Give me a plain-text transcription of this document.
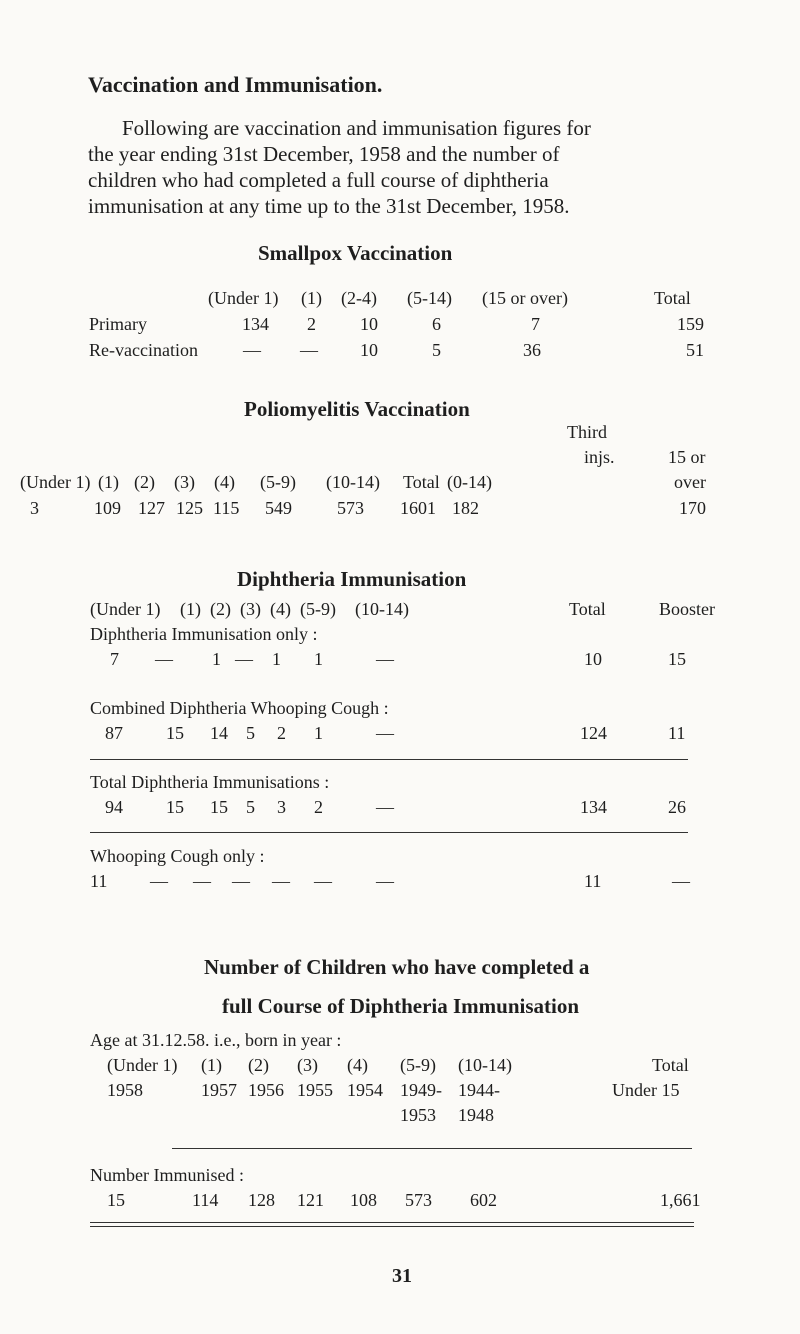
Vaccination and Immunisation.
Following are vaccination and immunisation figures for
the year ending 31st December, 1958 and the number of
children who had completed a full course of diphtheria
immunisation at any time up to the 31st December, 1958.
Smallpox Vaccination
(Under 1) (1) (2-4) (5-14) (15 or over)	Total
Primary	134 2 10	6	7	159
Re-vaccination	— — 10	5	36	51
Poliomyelitis Vaccination
Third
injs.	15 or
(Under 1) (1) (2) (3) (4) (5-9) (10-14) Total (0-14)	over
3	109 127 125 115 549	573 1601 182	170
Diphtheria Immunisation
(Under 1) (1) (2) (3) (4) (5-9) (10-14)	Total	Booster
Diphtheria Immunisation only :
7 — 1 — 1 1	—	10	15
Combined Diphtheria Whooping Cough :
87 15 14 5 2 1	—	124	11
Total Diphtheria Immunisations :
94 15 15 5 3 2	—	134	26
Whooping Cough only :
11 — — — — — —	11	—
Number of Children who have completed a
full Course of Diphtheria Immunisation
Age at 31.12.58. i.e., born in year :
(Under 1) (1) (2) (3) (4) (5-9) (10-14)	Total
1958	1957 1956 1955 1954 1949- 1944-	Under 15
1953 1948
Number Immunised :
15	114 128 121 108 573 602	1,661
31
